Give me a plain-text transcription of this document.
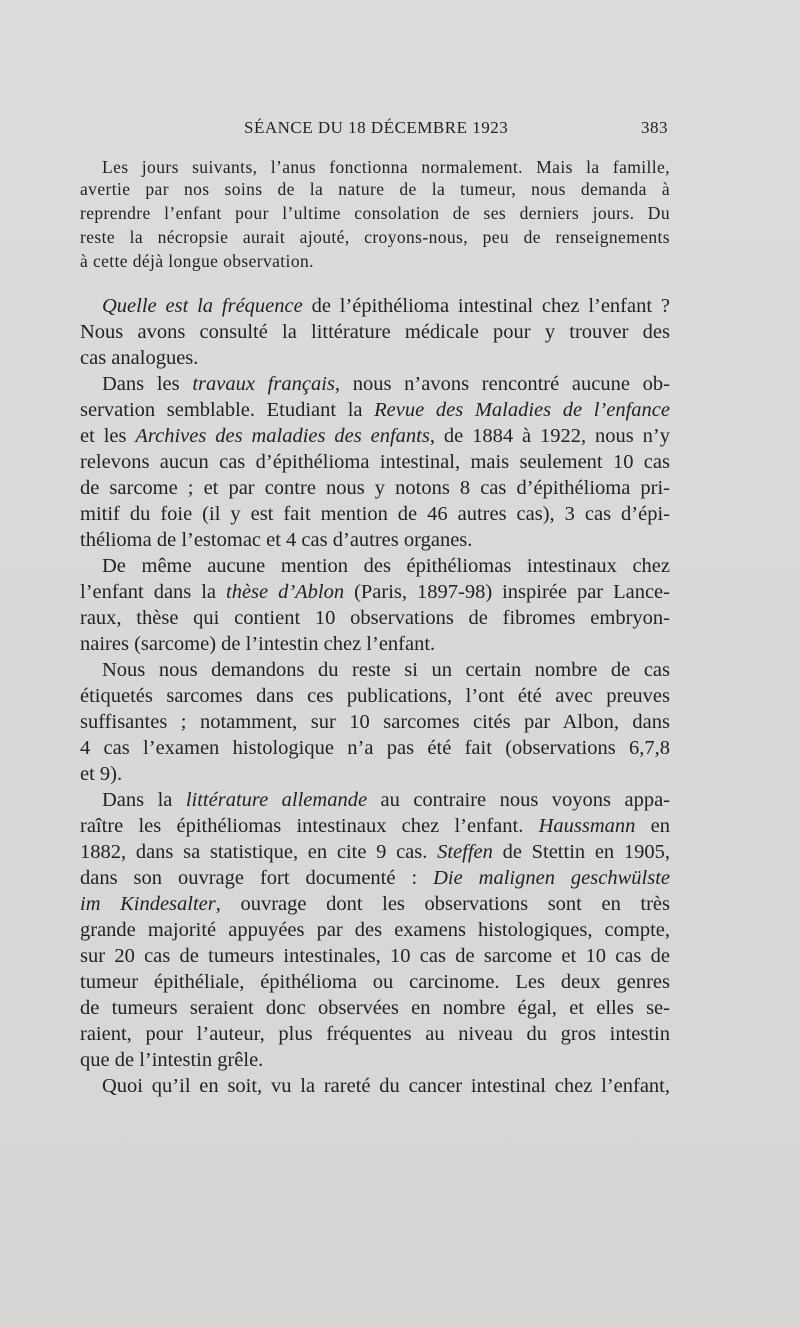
SÉANCE DU 18 DÉCEMBRE 1923	383
Les jours suivants, l’anus fonctionna normalement. Mais la famille,
avertie par nos soins de la nature de la tumeur, nous demanda à
reprendre l’enfant pour l’ultime consolation de ses derniers jours. Du
reste la nécropsie aurait ajouté, croyons-nous, peu de renseignements
à cette déjà longue observation.
Quelle est la fréquence de l’épithélioma intestinal chez l’enfant ?
Nous avons consulté la littérature médicale pour y trouver des
cas analogues.
Dans les travaux français, nous n’avons rencontré aucune ob-
servation semblable. Etudiant la Revue des Maladies de l’enfance
et les Archives des maladies des enfants, de 1884 à 1922, nous n’y
relevons aucun cas d’épithélioma intestinal, mais seulement 10 cas
de sarcome ; et par contre nous y notons 8 cas d’épithélioma pri-
mitif du foie (il y est fait mention de 46 autres cas), 3 cas d’épi-
thélioma de l’estomac et 4 cas d’autres organes.
De même aucune mention des épithéliomas intestinaux chez
l’enfant dans la thèse d’Ablon (Paris, 1897-98) inspirée par Lance-
raux, thèse qui contient 10 observations de fibromes embryon-
naires (sarcome) de l’intestin chez l’enfant.
Nous nous demandons du reste si un certain nombre de cas
étiquetés sarcomes dans ces publications, l’ont été avec preuves
suffisantes ; notamment, sur 10 sarcomes cités par Albon, dans
4 cas l’examen histologique n’a pas été fait (observations 6,7,8
et 9).
Dans la littérature allemande au contraire nous voyons appa-
raître les épithéliomas intestinaux chez l’enfant. Haussmann en
1882, dans sa statistique, en cite 9 cas. Steffen de Stettin en 1905,
dans son ouvrage fort documenté : Die malignen geschwülste
im Kindesalter, ouvrage dont les observations sont en très
grande majorité appuyées par des examens histologiques, compte,
sur 20 cas de tumeurs intestinales, 10 cas de sarcome et 10 cas de
tumeur épithéliale, épithélioma ou carcinome. Les deux genres
de tumeurs seraient donc observées en nombre égal, et elles se-
raient, pour l’auteur, plus fréquentes au niveau du gros intestin
que de l’intestin grêle.
Quoi qu’il en soit, vu la rareté du cancer intestinal chez l’enfant,
